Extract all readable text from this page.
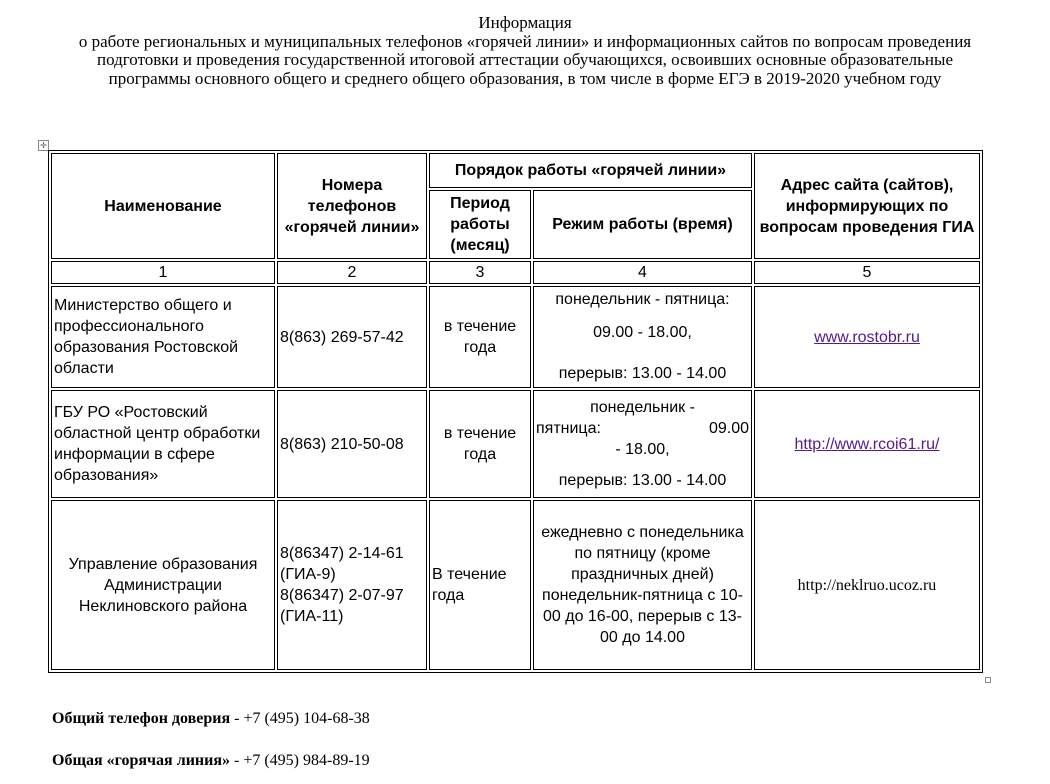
Информация
о работе региональных и муниципальных телефонов «горячей линии» и информационных сайтов по вопросам проведения
подготовки и проведения государственной итоговой аттестации обучающихся, освоивших основные образовательные
программы основного общего и среднего общего образования, в том числе в форме ЕГЭ в 2019-2020 учебном году
✛
Наименование	Номера телефонов «горячей линии»	Порядок работы «горячей линии»		Адрес сайта (сайтов), информирующих по вопросам проведения ГИА
		Период работы (месяц)	Режим работы (время)	
1	2	3	4	5
Министерство общего и профессионального образования Ростовской области	8(863) 269-57-42	в течение года	понедельник - пятница:
09.00 - 18.00,
перерыв: 13.00 - 14.00	www.rostobr.ru
ГБУ РО «Ростовский областной центр обработки информации в сфере образования»	8(863) 210-50-08	в течение года	понедельник -
пятница: 09.00
- 18.00,
перерыв: 13.00 - 14.00	http://www.rcoi61.ru/
Управление образования Администрации Неклиновского района	8(86347) 2-14-61 (ГИА-9)
8(86347) 2-07-97 (ГИА-11)	В течение года	ежедневно с понедельника по пятницу (кроме праздничных дней) понедельник-пятница с 10-00 до 16-00, перерыв с 13-00 до 14.00	http://neklruo.ucoz.ru
Общий телефон доверия - +7 (495) 104-68-38
Общая «горячая линия» - +7 (495) 984-89-19
